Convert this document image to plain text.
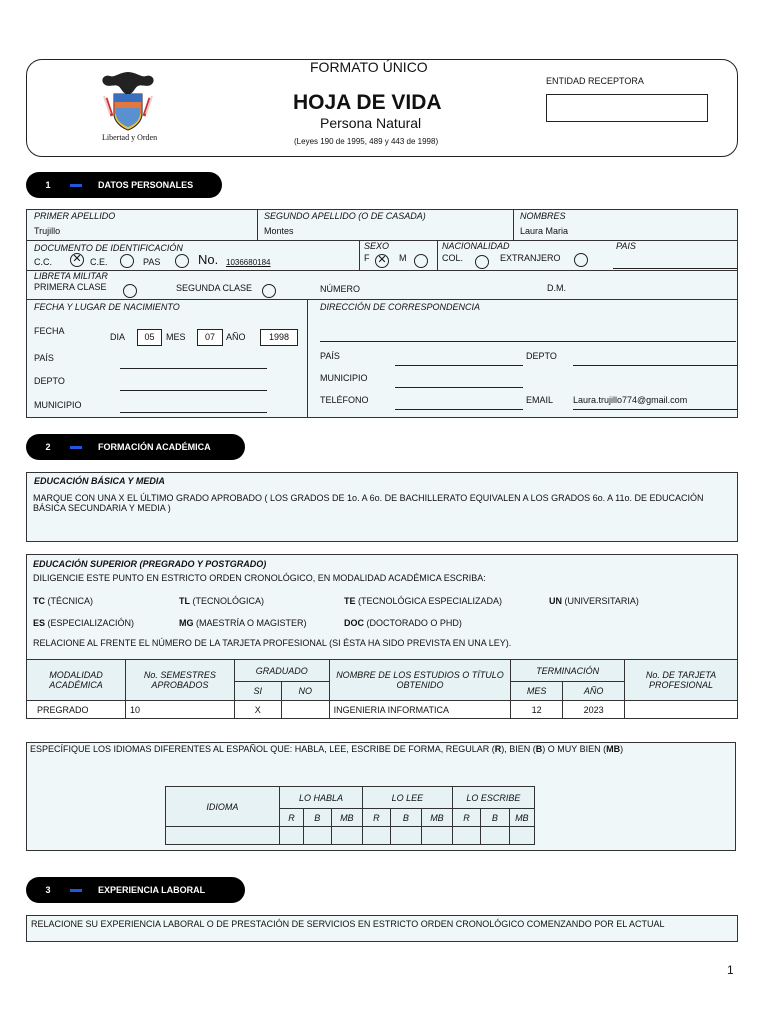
Libertad y Orden
FORMATO ÚNICO
HOJA DE VIDA
Persona Natural
(Leyes 190 de 1995, 489 y 443 de 1998)
ENTIDAD RECEPTORA
1	DATOS PERSONALES
PRIMER APELLIDO
Trujillo
SEGUNDO APELLIDO (O DE CASADA)
Montes
NOMBRES
Laura Maria
DOCUMENTO DE IDENTIFICACIÓN
C.C. ✕	C.E.	PAS	No. 1036680184
SEXO
F ✕	M
NACIONALIDAD
COL.	EXTRANJERO
PAIS
LIBRETA MILITAR
PRIMERA CLASE	SEGUNDA CLASE	NÚMERO	D.M.
FECHA Y LUGAR DE NACIMIENTO
FECHA
DIA	05	MES	07	AÑO	1998
PAÍS
DEPTO
MUNICIPIO
DIRECCIÓN DE CORRESPONDENCIA
PAÍS	DEPTO
MUNICIPIO
TELÉFONO	EMAIL Laura.trujillo774@gmail.com
2	FORMACIÓN ACADÉMICA
EDUCACIÓN BÁSICA Y MEDIA
MARQUE CON UNA X EL ÚLTIMO GRADO APROBADO ( LOS GRADOS DE 1o. A 6o. DE BACHILLERATO EQUIVALEN A LOS GRADOS 6o. A 11o. DE EDUCACIÓN
BÁSICA SECUNDARIA Y MEDIA )
EDUCACIÓN SUPERIOR (PREGRADO Y POSTGRADO)
DILIGENCIE ESTE PUNTO EN ESTRICTO ORDEN CRONOLÓGICO, EN MODALIDAD ACADÉMICA ESCRIBA:
TC (TÉCNICA)	TL (TECNOLÓGICA)	TE (TECNOLÓGICA ESPECIALIZADA)	UN (UNIVERSITARIA)
ES (ESPECIALIZACIÓN)	MG (MAESTRÍA O MAGISTER)	DOC (DOCTORADO O PHD)
RELACIONE AL FRENTE EL NÚMERO DE LA TARJETA PROFESIONAL (SI ÉSTA HA SIDO PREVISTA EN UNA LEY).
MODALIDAD ACADÉMICA	No. SEMESTRES APROBADOS	GRADUADO		NOMBRE DE LOS ESTUDIOS O TÍTULO OBTENIDO	TERMINACIÓN		No. DE TARJETA PROFESIONAL
		SI	NO		MES	AÑO	
PREGRADO	10	X		INGENIERIA INFORMATICA	12	2023	
ESPECÍFIQUE LOS IDIOMAS DIFERENTES AL ESPAÑOL QUE: HABLA, LEE, ESCRIBE DE FORMA, REGULAR (R), BIEN (B) O MUY BIEN (MB)
IDIOMA	LO HABLA			LO LEE			LO ESCRIBE		
	R	B	MB	R	B	MB	R	B	MB

3	EXPERIENCIA LABORAL
RELACIONE SU EXPERIENCIA LABORAL O DE PRESTACIÓN DE SERVICIOS EN ESTRICTO ORDEN CRONOLÓGICO COMENZANDO POR EL ACTUAL
1
